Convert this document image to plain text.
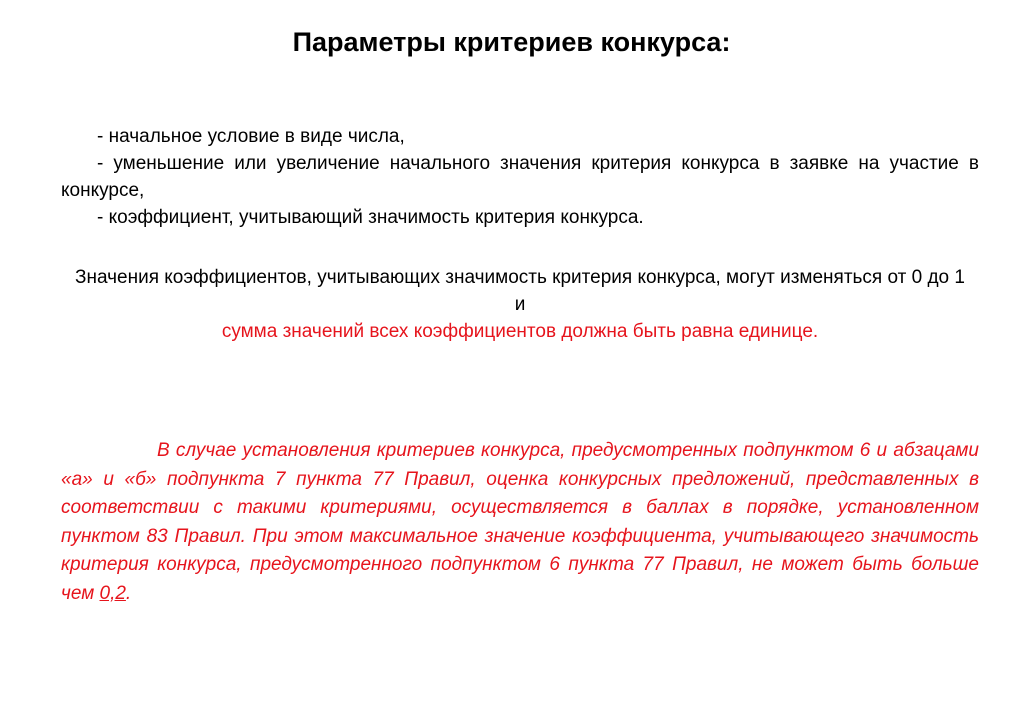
Параметры критериев конкурса:

- начальное условие в виде числа,

- уменьшение или увеличение начального значения критерия конкурса в заявке на участие в конкурсе,

- коэффициент, учитывающий значимость критерия конкурса.

Значения коэффициентов, учитывающих значимость критерия конкурса, могут изменяться от 0 до 1

и

сумма значений всех коэффициентов должна быть равна единице.

В случае установления критериев конкурса, предусмотренных подпунктом 6 и абзацами «а» и «б» подпункта 7 пункта 77 Правил, оценка конкурсных предложений, представленных в соответствии с такими критериями, осуществляется в баллах в порядке, установленном пунктом 83 Правил. При этом максимальное значение коэффициента, учитывающего значимость критерия конкурса, предусмотренного подпунктом 6 пункта 77 Правил, не может быть больше чем 0,2.
